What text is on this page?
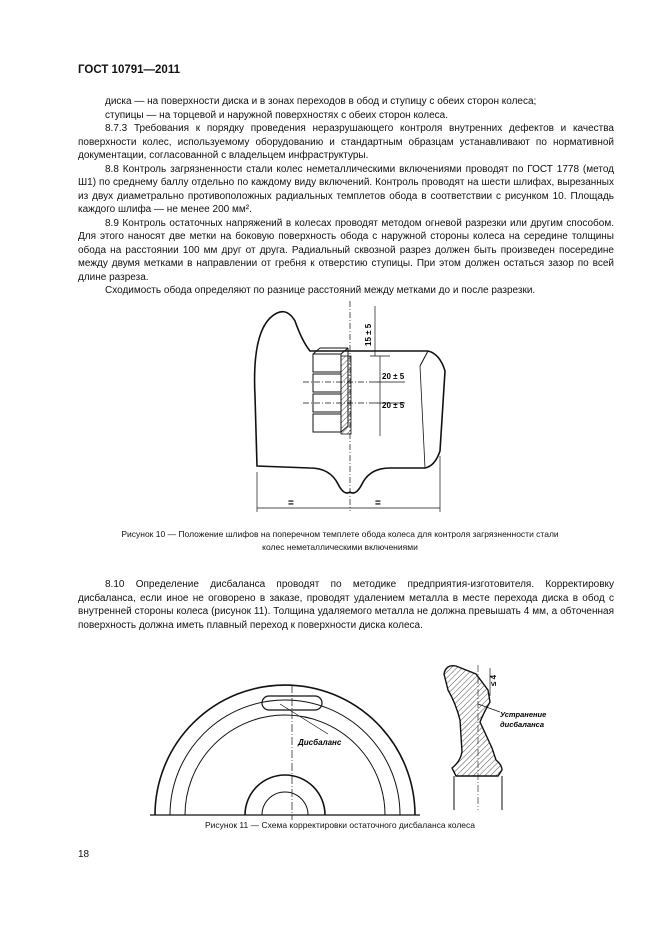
ГОСТ 10791—2011

диска — на поверхности диска и в зонах переходов в обод и ступицу с обеих сторон колеса;

ступицы — на торцевой и наружной поверхностях с обеих сторон колеса.

8.7.3 Требования к порядку проведения неразрушающего контроля внутренних дефектов и качества поверхности колес, используемому оборудованию и стандартным образцам устанавливают по нормативной документации, согласованной с владельцем инфраструктуры.

8.8 Контроль загрязненности стали колес неметаллическими включениями проводят по ГОСТ 1778 (метод Ш1) по среднему баллу отдельно по каждому виду включений. Контроль проводят на шести шлифах, вырезанных из двух диаметрально противоположных радиальных темплетов обода в соответствии с рисунком 10. Площадь каждого шлифа — не менее 200 мм².

8.9 Контроль остаточных напряжений в колесах проводят методом огневой разрезки или другим способом. Для этого наносят две метки на боковую поверхность обода с наружной стороны колеса на середине толщины обода на расстоянии 100 мм друг от друга. Радиальный сквозной разрез должен быть произведен посередине между двумя метками в направлении от гребня к отверстию ступицы. При этом должен остаться зазор по всей длине разреза.

Сходимость обода определяют по разнице расстояний между метками до и после разрезки.

15 ± 5
20 ± 5
20 ± 5
=	=

Рисунок 10 — Положение шлифов на поперечном темплете обода колеса для контроля загрязненности стали

колес неметаллическими включениями

8.10 Определение дисбаланса проводят по методике предприятия-изготовителя. Корректировку дисбаланса, если иное не оговорено в заказе, проводят удалением металла в месте перехода диска в обод с внутренней стороны колеса (рисунок 11). Толщина удаляемого металла не должна превышать 4 мм, а обточенная поверхность должна иметь плавный переход к поверхности диска колеса.

Дисбаланс
≤ 4
Устранение
дисбаланса

Рисунок 11 — Схема корректировки остаточного дисбаланса колеса

18
